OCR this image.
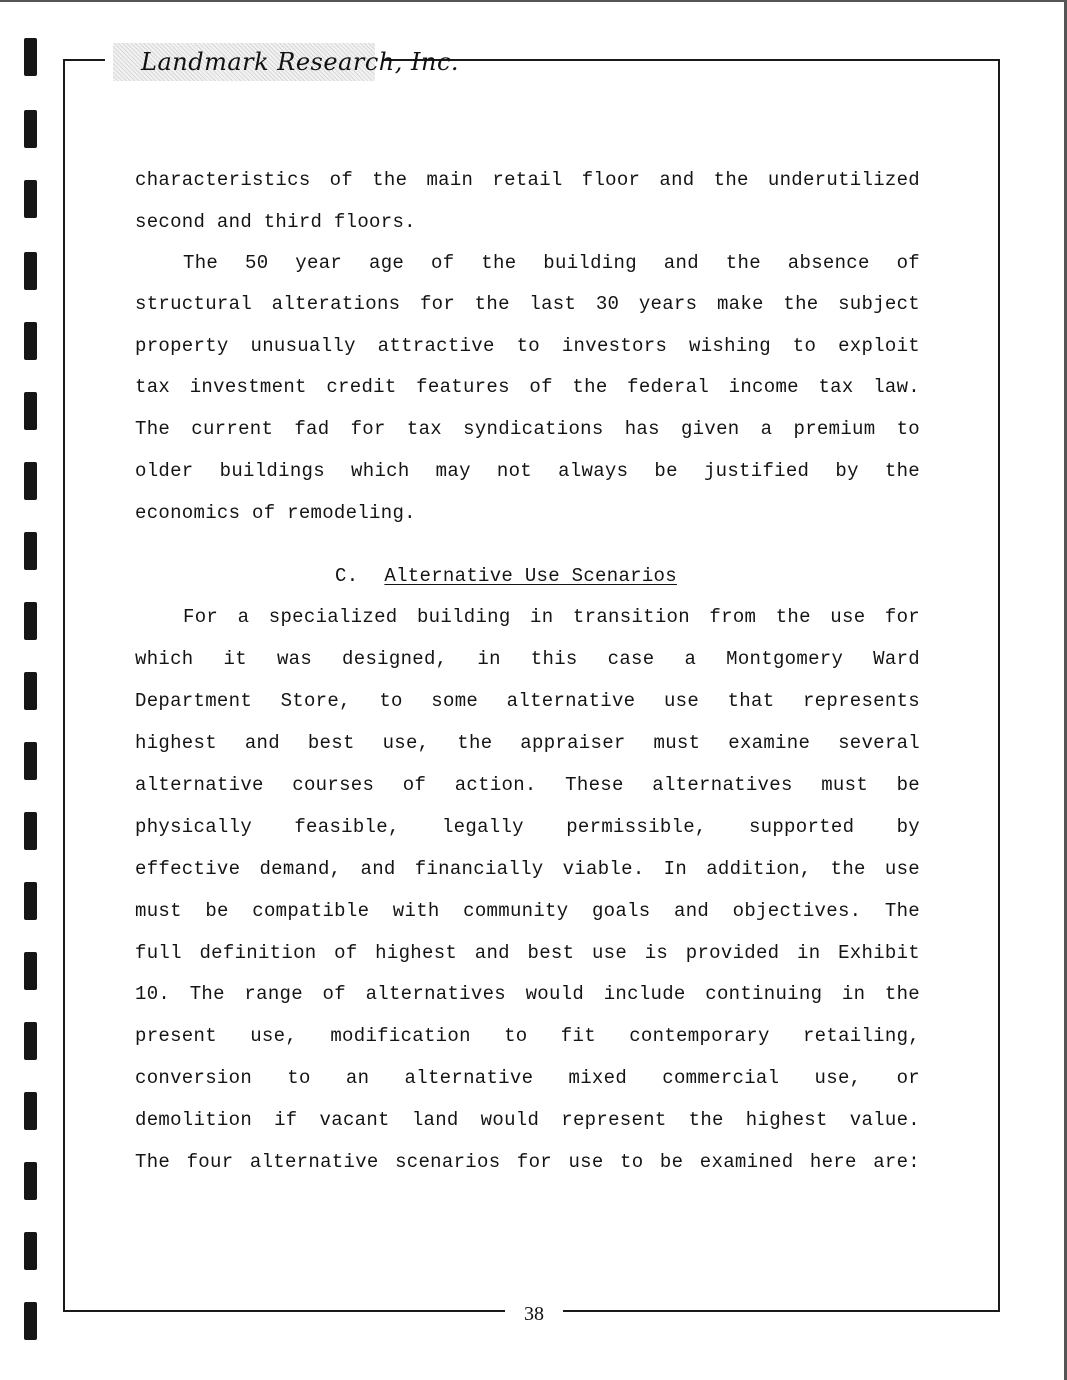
Landmark Research, Inc.
characteristics of the main retail floor and the underutilized
second and third floors.
The 50 year age of the building and the absence of
structural alterations for the last 30 years make the subject
property unusually attractive to investors wishing to exploit
tax investment credit features of the federal income tax law.
The current fad for tax syndications has given a premium to
older buildings which may not always be justified by the
economics of remodeling.
C. Alternative Use Scenarios
For a specialized building in transition from the use for
which it was designed, in this case a Montgomery Ward
Department Store, to some alternative use that represents
highest and best use, the appraiser must examine several
alternative courses of action. These alternatives must be
physically feasible, legally permissible, supported by
effective demand, and financially viable. In addition, the use
must be compatible with community goals and objectives. The
full definition of highest and best use is provided in Exhibit
10. The range of alternatives would include continuing in the
present use, modification to fit contemporary retailing,
conversion to an alternative mixed commercial use, or
demolition if vacant land would represent the highest value.
The four alternative scenarios for use to be examined here are:
38
